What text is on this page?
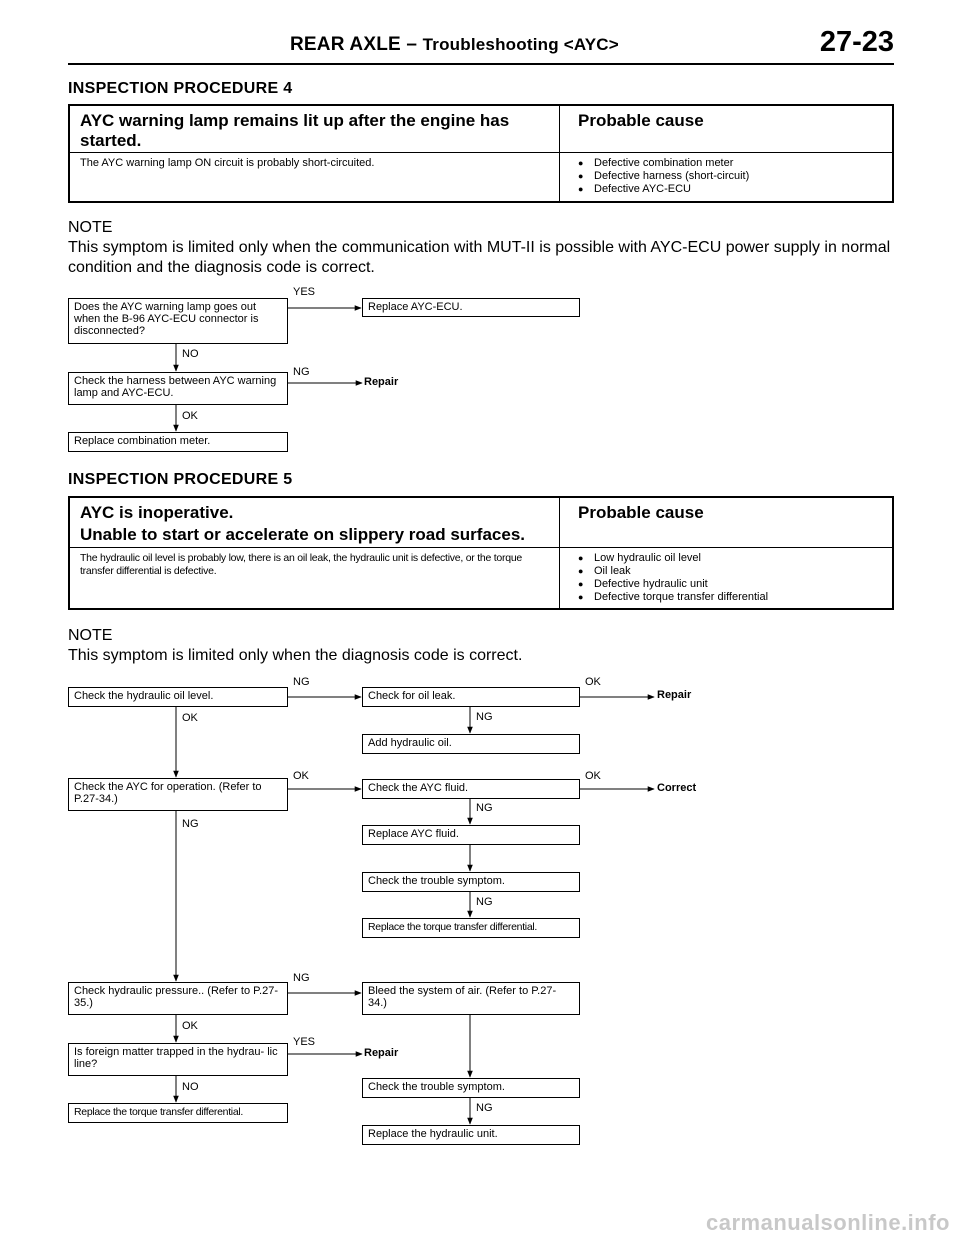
REAR AXLE – Troubleshooting <AYC>	27-23
INSPECTION PROCEDURE 4
AYC warning lamp remains lit up after the engine has started.
Probable cause
The AYC warning lamp ON circuit is probably short-circuited.
●	Defective combination meter
● Defective harness (short-circuit)
● Defective AYC-ECU
NOTE
This symptom is limited only when the communication with MUT-II is possible with AYC-ECU power supply in normal condition and the diagnosis code is correct.
Does the AYC warning lamp goes out when the B-96 AYC-ECU connector is disconnected?
YES
Replace AYC-ECU.
NO
Check the harness between AYC warning lamp and AYC-ECU.
NG
Repair
OK
Replace combination meter.
INSPECTION PROCEDURE 5
AYC is inoperative.
Unable to start or accelerate on slippery road surfaces.
Probable cause
The hydraulic oil level is probably low, there is an oil leak, the hydraulic unit is defective, or the torque transfer differential is defective.
● Low hydraulic oil level
● Oil leak
● Defective hydraulic unit
● Defective torque transfer differential
NOTE
This symptom is limited only when the diagnosis code is correct.
Check the hydraulic oil level.
NG
OK
Check the AYC for operation. (Refer to P.27-34.)
OK
NG
Check hydraulic pressure.. (Refer to P.27-35.)
NG
OK
Is foreign matter trapped in the hydrau- lic line?
YES
Repair
NO
Replace the torque transfer differential.
Check for oil leak.
OK
Repair
NG
Add hydraulic oil.
Check the AYC fluid.
OK
Correct
NG
Replace AYC fluid.
Check the trouble symptom.
NG
Replace the torque transfer differential.
Bleed the system of air. (Refer to P.27-34.)
Check the trouble symptom.
NG
Replace the hydraulic unit.
carmanualsonline.info
